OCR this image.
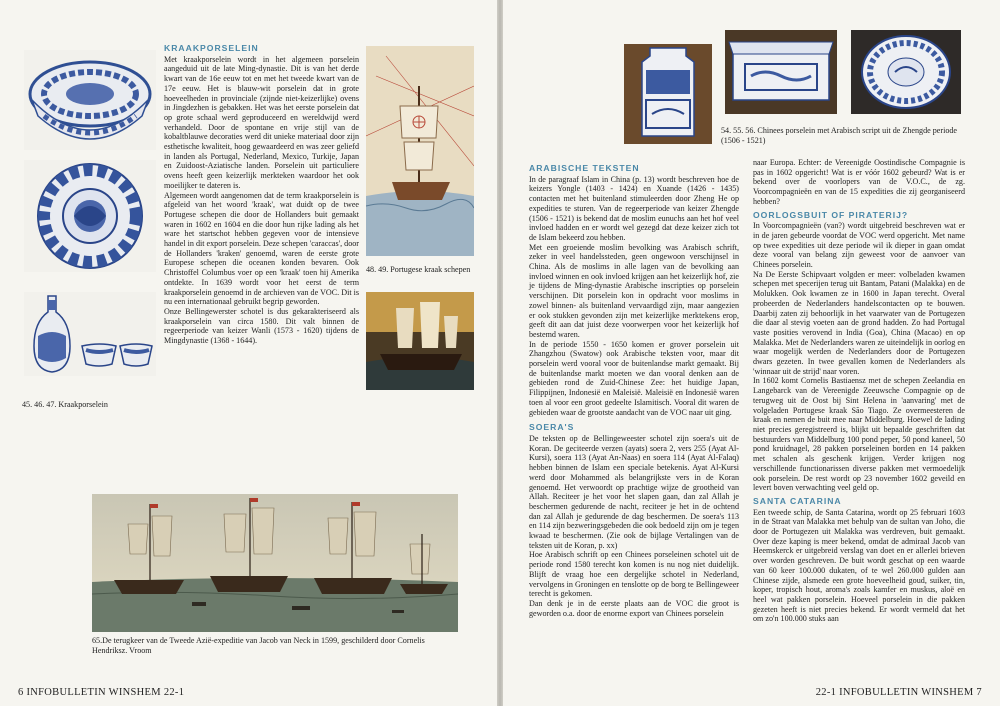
45. 46. 47. Kraakporselein
KRAAKPORSELEIN

Met kraakporselein wordt in het algemeen porselein aangeduid uit de late Ming-dynastie. Dit is van het derde kwart van de 16e eeuw tot en met het tweede kwart van de 17e eeuw. Het is blauw-wit porselein dat in grote hoeveelheden in provinciale (zijnde niet-keizerlijke) ovens in Jingdezhen is gebakken. Het was het eerste porselein dat op grote schaal werd geproduceerd en wereldwijd werd verhandeld. Door de spontane en vrije stijl van de kobaltblauwe decoraties werd dit unieke materiaal door zijn esthetische kwaliteit, hoog gewaardeerd en was zeer geliefd in landen als Portugal, Nederland, Mexico, Turkije, Japan en Zuidoost-Aziatische landen. Porselein uit particuliere ovens heeft geen keizerlijk merkteken waardoor het ook moeilijker te dateren is.

Algemeen wordt aangenomen dat de term kraakporselein is afgeleid van het woord 'kraak', wat duidt op de twee Portugese schepen die door de Hollanders buit gemaakt waren in 1602 en 1604 en die door hun rijke lading als het ware het startschot hebben gegeven voor de intensieve handel in dit export porselein. Deze schepen 'caraccas', door de Hollanders 'kraken' genoemd, waren de eerste grote Europese schepen die oceanen konden bevaren. Ook Christoffel Columbus voer op een 'kraak' toen hij Amerika ontdekte. In 1639 wordt voor het eerst de term kraakporselein genoemd in de archieven van de VOC. Dit is nu een internationaal gebruikt begrip geworden.

Onze Bellingewerster schotel is dus gekarakteriseerd als kraakporselein van circa 1580. Dit valt binnen de regeerperiode van keizer Wanli (1573 - 1620) tijdens de Mingdynastie (1368 - 1644).

48. 49. Portugese kraak schepen
65.De terugkeer van de Tweede Azië-expeditie van Jacob van Neck in 1599, geschilderd door Cornelis Hendriksz. Vroom
6 INFOBULLETIN WINSHEM 22-1
54. 55. 56. Chinees porselein met Arabisch script uit de Zhengde periode (1506 - 1521)
ARABISCHE TEKSTEN

In de paragraaf Islam in China (p. 13) wordt beschreven hoe de keizers Yongle (1403 - 1424) en Xuande (1426 - 1435) contacten met het buitenland stimuleerden door Zheng He op expedities te sturen. Van de regeerperiode van keizer Zhengde (1506 - 1521) is bekend dat de moslim eunuchs aan het hof veel invloed hadden en er wordt wel gezegd dat deze keizer zich tot de Islam bekeerd zou hebben.

Met een groeiende moslim bevolking was Arabisch schrift, zeker in veel handelssteden, geen ongewoon verschijnsel in China. Als de moslims in alle lagen van de bevolking aan invloed winnen en ook invloed krijgen aan het keizerlijk hof, zie je tijdens de Ming-dynastie Arabische inscripties op porselein verschijnen. Dit porselein kon in opdracht voor moslims in zowel binnen- als buitenland vervaardigd zijn, maar aangezien er ook stukken gevonden zijn met keizerlijke merktekens erop, geeft dit aan dat juist deze voorwerpen voor het keizerlijk hof bestemd waren.

In de periode 1550 - 1650 komen er grover porselein uit Zhangzhou (Swatow) ook Arabische teksten voor, maar dit porselein werd vooral voor de buitenlandse markt gemaakt. Bij de buitenlandse markt moeten we dan vooral denken aan de gebieden rond de Zuid-Chinese Zee: het huidige Japan, Filippijnen, Indonesië en Maleisië. Maleisië en Indonesië waren toen al voor een groot gedeelte Islamitisch. Vooral dit waren de gebieden waar de grootste aandacht van de VOC naar uit ging.

SOERA'S

De teksten op de Bellingeweester schotel zijn soera's uit de Koran. De geciteerde verzen (ayats) soera 2, vers 255 (Ayat Al-Kursi), soera 113 (Ayat An-Naas) en soera 114 (Ayat Al-Falaq) hebben binnen de Islam een speciale betekenis. Ayat Al-Kursi werd door Mohammed als belangrijkste vers in de Koran genoemd. Het verwoordt op prachtige wijze de grootheid van Allah. Reciteer je het voor het slapen gaan, dan zal Allah je beschermen gedurende de nacht, reciteer je het in de ochtend dan zal Allah je gedurende de dag beschermen. De soera's 113 en 114 zijn bezweringsgebeden die ook bedoeld zijn om je tegen kwaad te beschermen. (Zie ook de bijlage Vertalingen van de teksten uit de Koran, p. xx)

Hoe Arabisch schrift op een Chinees porseleinen schotel uit de periode rond 1580 terecht kon komen is nu nog niet duidelijk. Blijft de vraag hoe een dergelijke schotel in Nederland, vervolgens in Groningen en tenslotte op de borg te Bellingeweer terecht is gekomen.

Dan denk je in de eerste plaats aan de VOC die groot is geworden o.a. door de enorme export van Chinees porselein

naar Europa. Echter: de Vereenigde Oostindische Compagnie is pas in 1602 opgericht! Wat is er vóór 1602 gebeurd? Wat is er bekend over de voorlopers van de V.O.C., de zg. Voorcompagnieën en van de 15 expedities die zij georganiseerd hebben?

OORLOGSBUIT OF PIRATERIJ?

In Voorcompagnieën (van?) wordt uitgebreid beschreven wat er in de jaren gebeurde voordat de VOC werd opgericht. Met name op twee expedities uit deze periode wil ik dieper in gaan omdat deze vooral van belang zijn geweest voor de aanvoer van Chinees porselein.

Na De Eerste Schipvaart volgden er meer: volbeladen kwamen schepen met specerijen terug uit Bantam, Patani (Malakka) en de Molukken. Ook kwamen ze in 1600 in Japan terecht. Overal probeerden de Nederlanders handelscontacten op te bouwen. Daarbij zaten zij behoorlijk in het vaarwater van de Portugezen die daar al stevig voeten aan de grond hadden. Zo had Portugal vaste posities verovend in India (Goa), China (Macao) en op Malakka. Met de Nederlanders waren ze uiteindelijk in oorlog en waar mogelijk werden de Nederlanders door de Portugezen dwars gezeten. In twee gevallen komen de Nederlanders als 'winnaar uit de strijd' naar voren.

In 1602 komt Cornelis Bastiaensz met de schepen Zeelandia en Langebarck van de Vereenigde Zeeuwsche Compagnie op de terugweg uit de Oost bij Sint Helena in 'aanvaring' met de volgeladen Portugese kraak São Tiago. Ze overmeesteren de kraak en nemen de buit mee naar Middelburg. Hoewel de lading niet precies geregistreerd is, blijkt uit bepaalde geschriften dat bestuurders van Middelburg 100 pond peper, 50 pond kaneel, 50 pond kruidnagel, 28 pakken porseleinen borden en 14 pakken met schalen als geschenk krijgen. Verder krijgen nog verschillende functionarissen diverse pakken met vermoedelijk ook porselein. De rest wordt op 23 november 1602 geveild en levert boven verwachting veel geld op.

SANTA CATARINA

Een tweede schip, de Santa Catarina, wordt op 25 februari 1603 in de Straat van Malakka met behulp van de sultan van Joho, die door de Portugezen uit Malakka was verdreven, buit gemaakt. Over deze kaping is meer bekend, omdat de admiraal Jacob van Heemskerck er uitgebreid verslag van doet en er allerlei brieven over worden geschreven. De buit wordt geschat op een waarde van 60 keer 100.000 dukaten, of te wel 260.000 gulden aan Chinese zijde, alsmede een grote hoeveelheid goud, suiker, tin, koper, tropisch hout, aroma's zoals kamfer en muskus, aloë en heel wat pakken porselein. Hoeveel porselein in die pakken gezeten heeft is niet precies bekend. Er wordt vermeld dat het om zo'n 100.000 stuks aan

22-1 INFOBULLETIN WINSHEM 7
